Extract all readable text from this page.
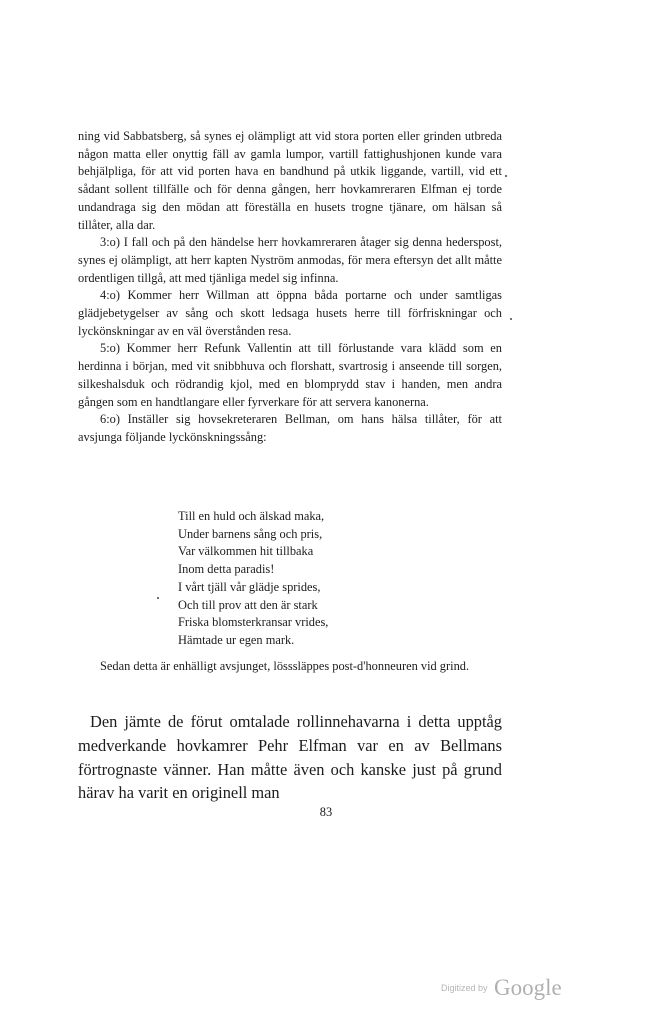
ning vid Sabbatsberg, så synes ej olämpligt att vid stora porten eller grinden utbreda någon matta eller onyttig fäll av gamla lumpor, vartill fattighushjonen kunde vara behjälpliga, för att vid porten hava en bandhund på utkik liggande, vartill, vid ett sådant sollent tillfälle och för denna gången, herr hovkamreraren Elfman ej torde undandraga sig den mödan att föreställa en husets trogne tjänare, om hälsan så tillåter, alla dar.

3:o) I fall och på den händelse herr hovkamreraren åtager sig denna hederspost, synes ej olämpligt, att herr kapten Nyström anmodas, för mera eftersyn det allt måtte ordentligen tillgå, att med tjänliga medel sig infinna.

4:o) Kommer herr Willman att öppna båda portarne och under samtligas glädjebetygelser av sång och skott ledsaga husets herre till förfriskningar och lyckönskningar av en väl överstånden resa.

5:o) Kommer herr Refunk Vallentin att till förlustande vara klädd som en herdinna i början, med vit snibbhuva och florshatt, svartrosig i anseende till sorgen, silkeshalsduk och rödrandig kjol, med en blomprydd stav i handen, men andra gången som en handtlangare eller fyrverkare för att servera kanonerna.

6:o) Inställer sig hovsekreteraren Bellman, om hans hälsa tillåter, för att avsjunga följande lyckönskningssång:

Till en huld och älskad maka,
Under barnens sång och pris,
Var välkommen hit tillbaka
Inom detta paradis!
I vårt tjäll vår glädje sprides,
Och till prov att den är stark
Friska blomsterkransar vrides,
Hämtade ur egen mark.

Sedan detta är enhälligt avsjunget, lösssläppes post-d'honneuren vid grind.

Den jämte de förut omtalade rollinnehavarna i detta upptåg medverkande hovkamrer Pehr Elfman var en av Bellmans förtrognaste vänner. Han måtte även och kanske just på grund härav ha varit en originell man

83
Digitized by Google
